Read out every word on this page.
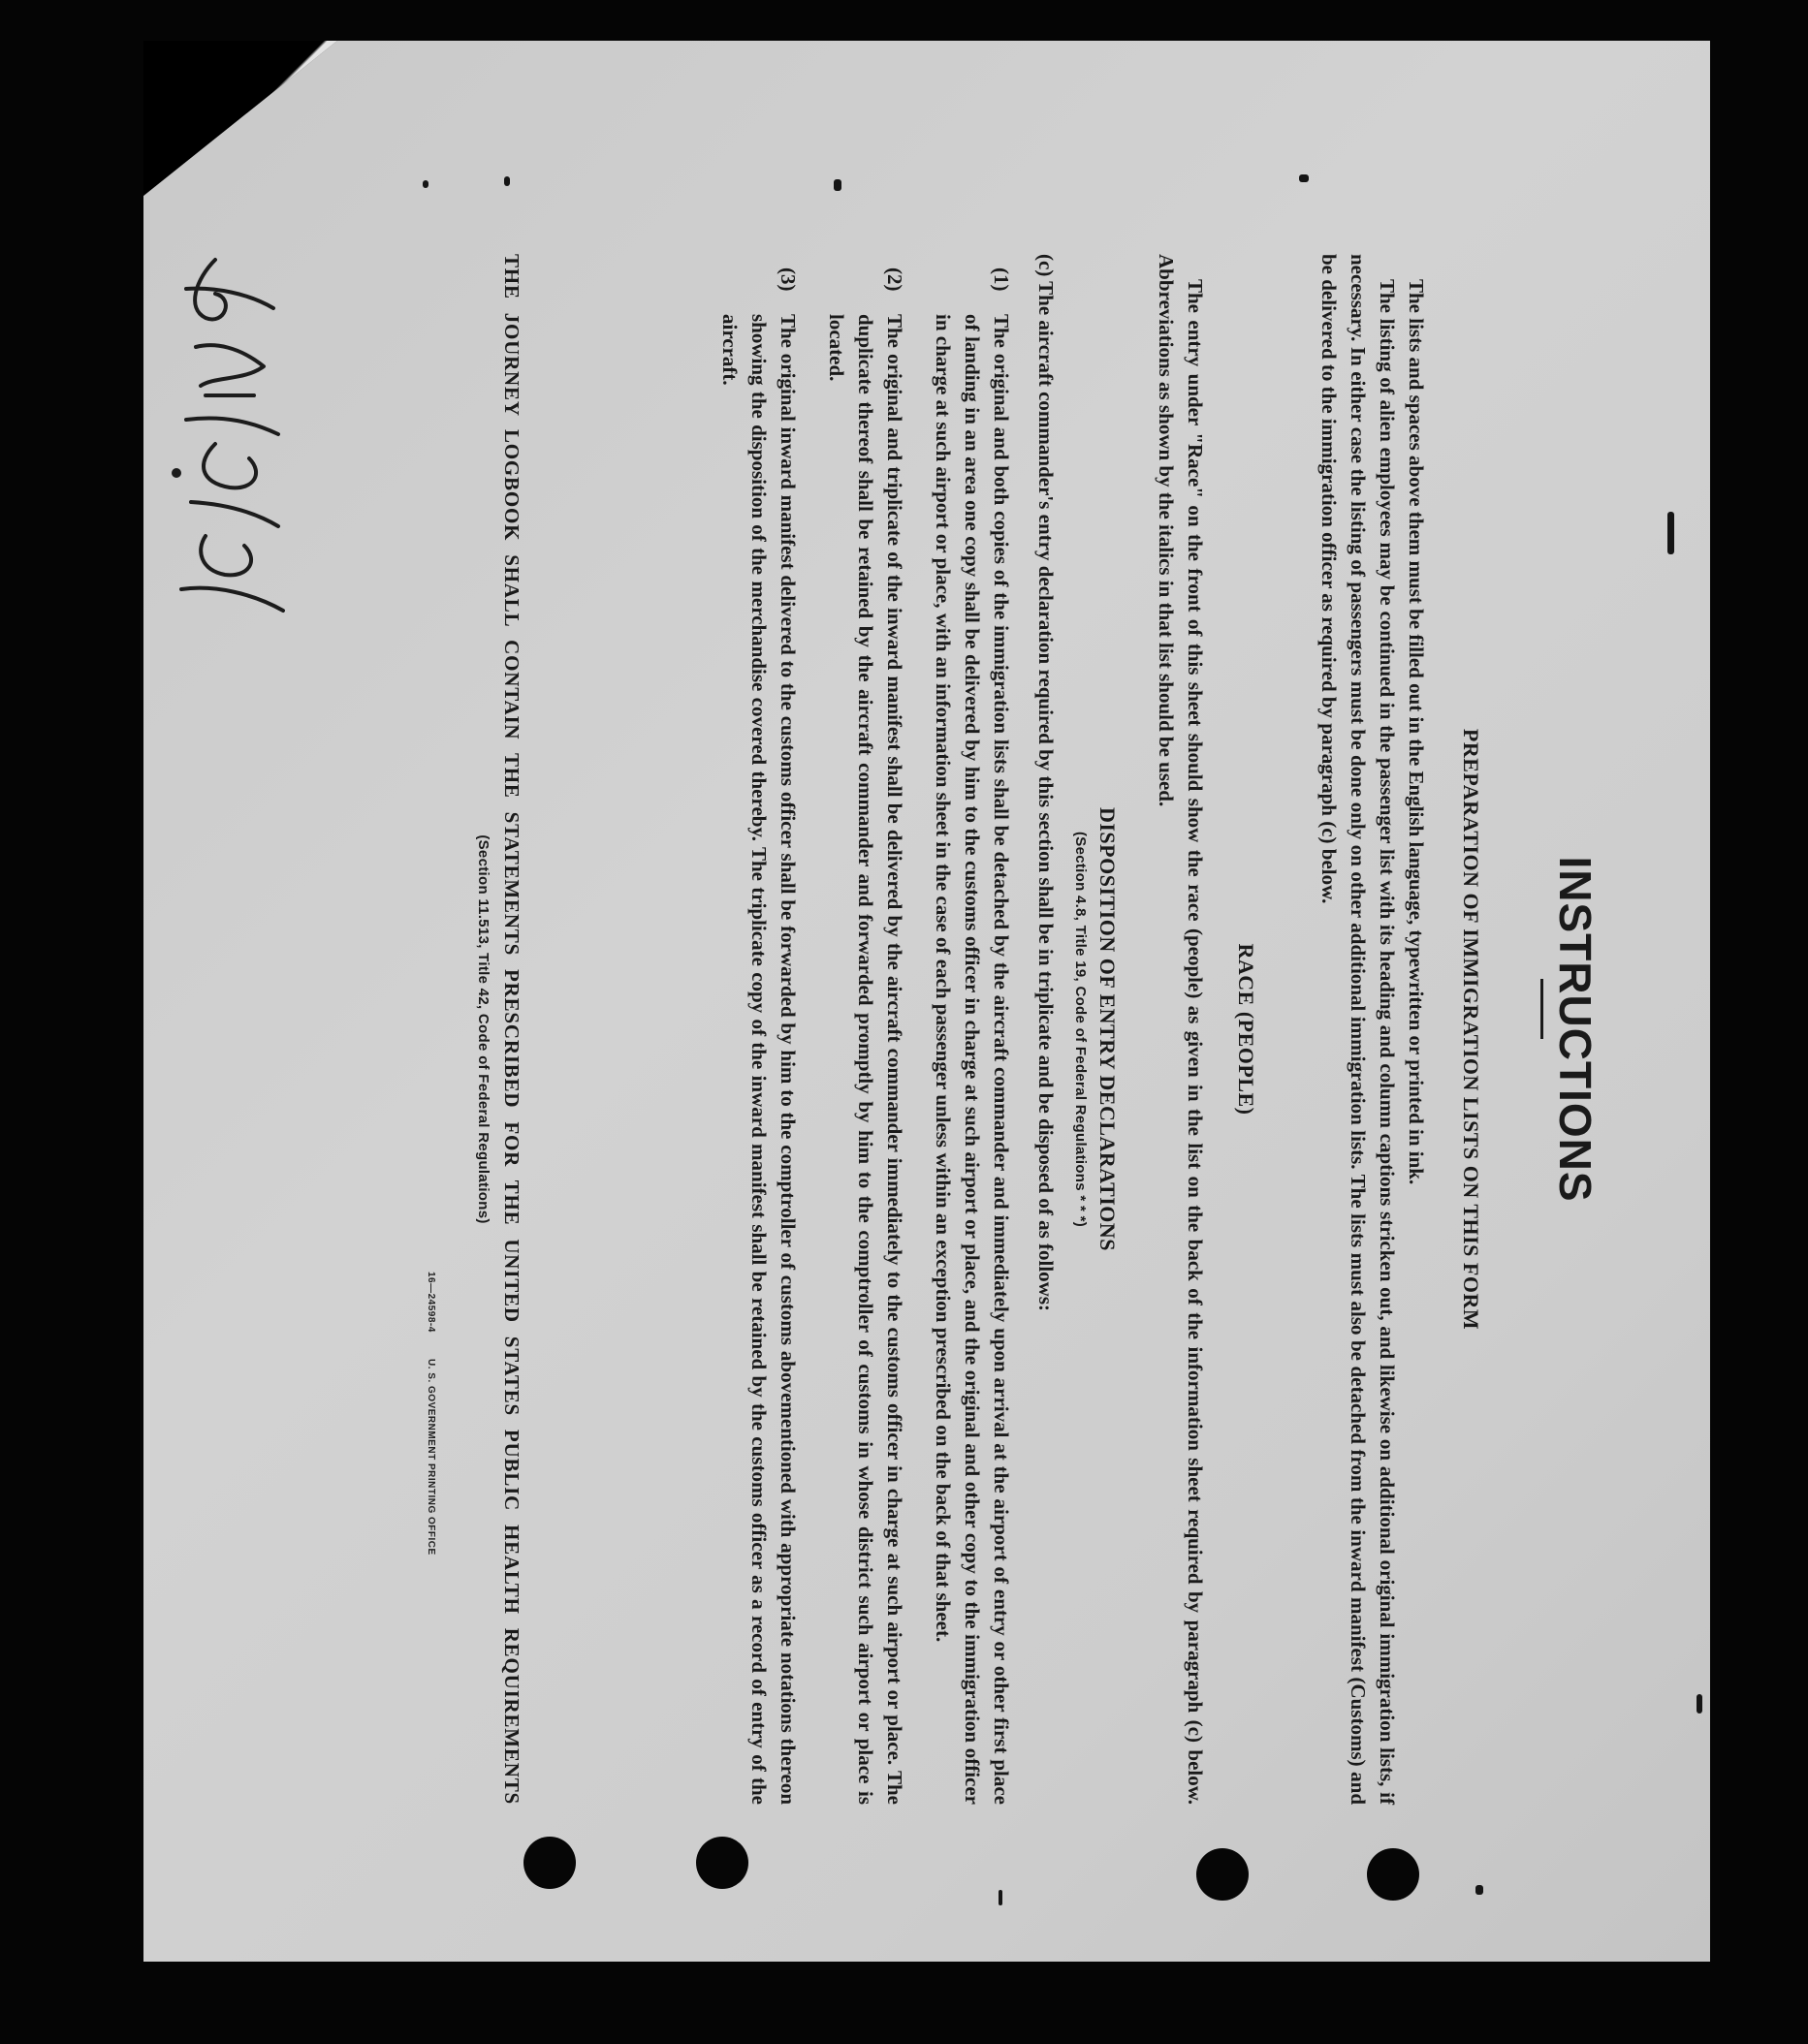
INSTRUCTIONS
PREPARATION OF IMMIGRATION LISTS ON THIS FORM
The lists and spaces above them must be filled out in the English language, typewritten or printed in ink.
The listing of alien employees may be continued in the passenger list with its heading and column captions stricken out, and likewise on additional original immigration lists, if necessary. In either case the listing of passengers must be done only on other additional immigration lists. The lists must also be detached from the inward manifest (Customs) and be delivered to the immigration officer as required by paragraph (c) below.
RACE (PEOPLE)
The entry under "Race" on the front of this sheet should show the race (people) as given in the list on the back of the information sheet required by paragraph (c) below. Abbreviations as shown by the italics in that list should be used.
DISPOSITION OF ENTRY DECLARATIONS
(Section 4.8, Title 19, Code of Federal Regulations * * *)
(c) The aircraft commander's entry declaration required by this section shall be in triplicate and be disposed of as follows:
(1)
The original and both copies of the immigration lists shall be detached by the aircraft commander and immediately upon arrival at the airport of entry or other first place of landing in an area one copy shall be delivered by him to the customs officer in charge at such airport or place, and the original and other copy to the immigration officer in charge at such airport or place, with an information sheet in the case of each passenger unless within an exception prescribed on the back of that sheet.
(2)
The original and triplicate of the inward manifest shall be delivered by the aircraft commander immediately to the customs officer in charge at such airport or place. The duplicate thereof shall be retained by the aircraft commander and forwarded promptly by him to the comptroller of customs in whose district such airport or place is located.
(3)
The original inward manifest delivered to the customs officer shall be forwarded by him to the comptroller of customs abovementioned with appropriate notations thereon showing the disposition of the merchandise covered thereby. The triplicate copy of the inward manifest shall be retained by the customs officer as a record of entry of the aircraft.
THE JOURNEY LOGBOOK SHALL CONTAIN THE STATEMENTS PRESCRIBED FOR THE UNITED STATES PUBLIC HEALTH REQUIREMENTS
(Section 11.513, Title 42, Code of Federal Regulations)
16—24598-4
U. S. GOVERNMENT PRINTING OFFICE
